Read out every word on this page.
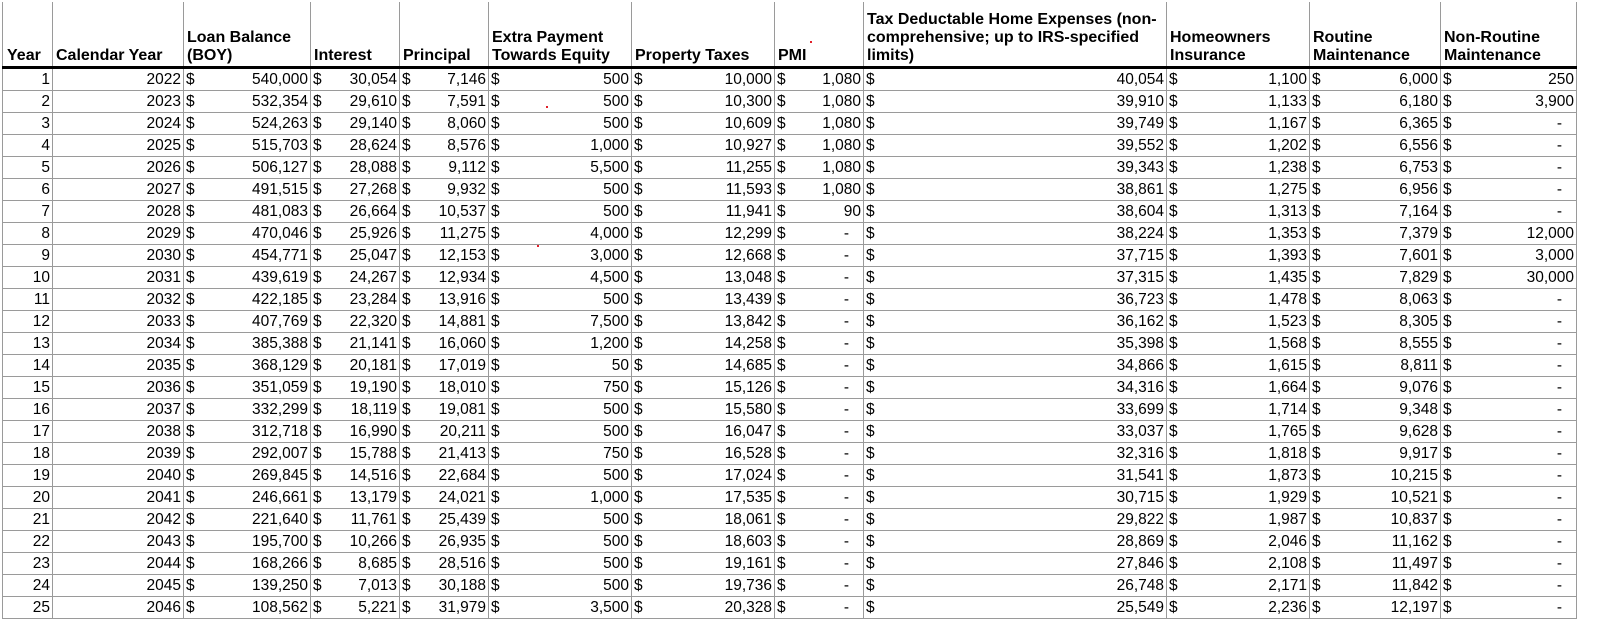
Year	Calendar Year	Loan Balance (BOY)	Interest	Principal	Extra Payment Towards Equity	Property Taxes	PMI	Tax Deductable Home Expenses (non-comprehensive; up to IRS-specified limits)	Homeowners Insurance	Routine Maintenance	Non-Routine Maintenance
1	2022	$ 540,000	$ 30,054	$ 7,146	$ 500	$ 10,000	$ 1,080	$ 40,054	$ 1,100	$ 6,000	$ 250

2	2023	$ 532,354	$ 29,610	$ 7,591	$ 500	$ 10,300	$ 1,080	$ 39,910	$ 1,133	$ 6,180	$ 3,900

3	2024	$ 524,263	$ 29,140	$ 8,060	$ 500	$ 10,609	$ 1,080	$ 39,749	$ 1,167	$ 6,365	$ -

4	2025	$ 515,703	$ 28,624	$ 8,576	$ 1,000	$ 10,927	$ 1,080	$ 39,552	$ 1,202	$ 6,556	$ -

5	2026	$ 506,127	$ 28,088	$ 9,112	$ 5,500	$ 11,255	$ 1,080	$ 39,343	$ 1,238	$ 6,753	$ -

6	2027	$ 491,515	$ 27,268	$ 9,932	$ 500	$ 11,593	$ 1,080	$ 38,861	$ 1,275	$ 6,956	$ -

7	2028	$ 481,083	$ 26,664	$ 10,537	$ 500	$ 11,941	$ 90	$ 38,604	$ 1,313	$ 7,164	$ -

8	2029	$ 470,046	$ 25,926	$ 11,275	$ 4,000	$ 12,299	$ -	$ 38,224	$ 1,353	$ 7,379	$ 12,000

9	2030	$ 454,771	$ 25,047	$ 12,153	$ 3,000	$ 12,668	$ -	$ 37,715	$ 1,393	$ 7,601	$ 3,000

10	2031	$ 439,619	$ 24,267	$ 12,934	$ 4,500	$ 13,048	$ -	$ 37,315	$ 1,435	$ 7,829	$ 30,000

11	2032	$ 422,185	$ 23,284	$ 13,916	$ 500	$ 13,439	$ -	$ 36,723	$ 1,478	$ 8,063	$ -

12	2033	$ 407,769	$ 22,320	$ 14,881	$ 7,500	$ 13,842	$ -	$ 36,162	$ 1,523	$ 8,305	$ -

13	2034	$ 385,388	$ 21,141	$ 16,060	$ 1,200	$ 14,258	$ -	$ 35,398	$ 1,568	$ 8,555	$ -

14	2035	$ 368,129	$ 20,181	$ 17,019	$ 50	$ 14,685	$ -	$ 34,866	$ 1,615	$ 8,811	$ -

15	2036	$ 351,059	$ 19,190	$ 18,010	$ 750	$ 15,126	$ -	$ 34,316	$ 1,664	$ 9,076	$ -

16	2037	$ 332,299	$ 18,119	$ 19,081	$ 500	$ 15,580	$ -	$ 33,699	$ 1,714	$ 9,348	$ -

17	2038	$ 312,718	$ 16,990	$ 20,211	$ 500	$ 16,047	$ -	$ 33,037	$ 1,765	$ 9,628	$ -

18	2039	$ 292,007	$ 15,788	$ 21,413	$ 750	$ 16,528	$ -	$ 32,316	$ 1,818	$ 9,917	$ -

19	2040	$ 269,845	$ 14,516	$ 22,684	$ 500	$ 17,024	$ -	$ 31,541	$ 1,873	$ 10,215	$ -

20	2041	$ 246,661	$ 13,179	$ 24,021	$ 1,000	$ 17,535	$ -	$ 30,715	$ 1,929	$ 10,521	$ -

21	2042	$ 221,640	$ 11,761	$ 25,439	$ 500	$ 18,061	$ -	$ 29,822	$ 1,987	$ 10,837	$ -

22	2043	$ 195,700	$ 10,266	$ 26,935	$ 500	$ 18,603	$ -	$ 28,869	$ 2,046	$ 11,162	$ -

23	2044	$ 168,266	$ 8,685	$ 28,516	$ 500	$ 19,161	$ -	$ 27,846	$ 2,108	$ 11,497	$ -

24	2045	$ 139,250	$ 7,013	$ 30,188	$ 500	$ 19,736	$ -	$ 26,748	$ 2,171	$ 11,842	$ -

25	2046	$ 108,562	$ 5,221	$ 31,979	$ 3,500	$ 20,328	$ -	$ 25,549	$ 2,236	$ 12,197	$ -
